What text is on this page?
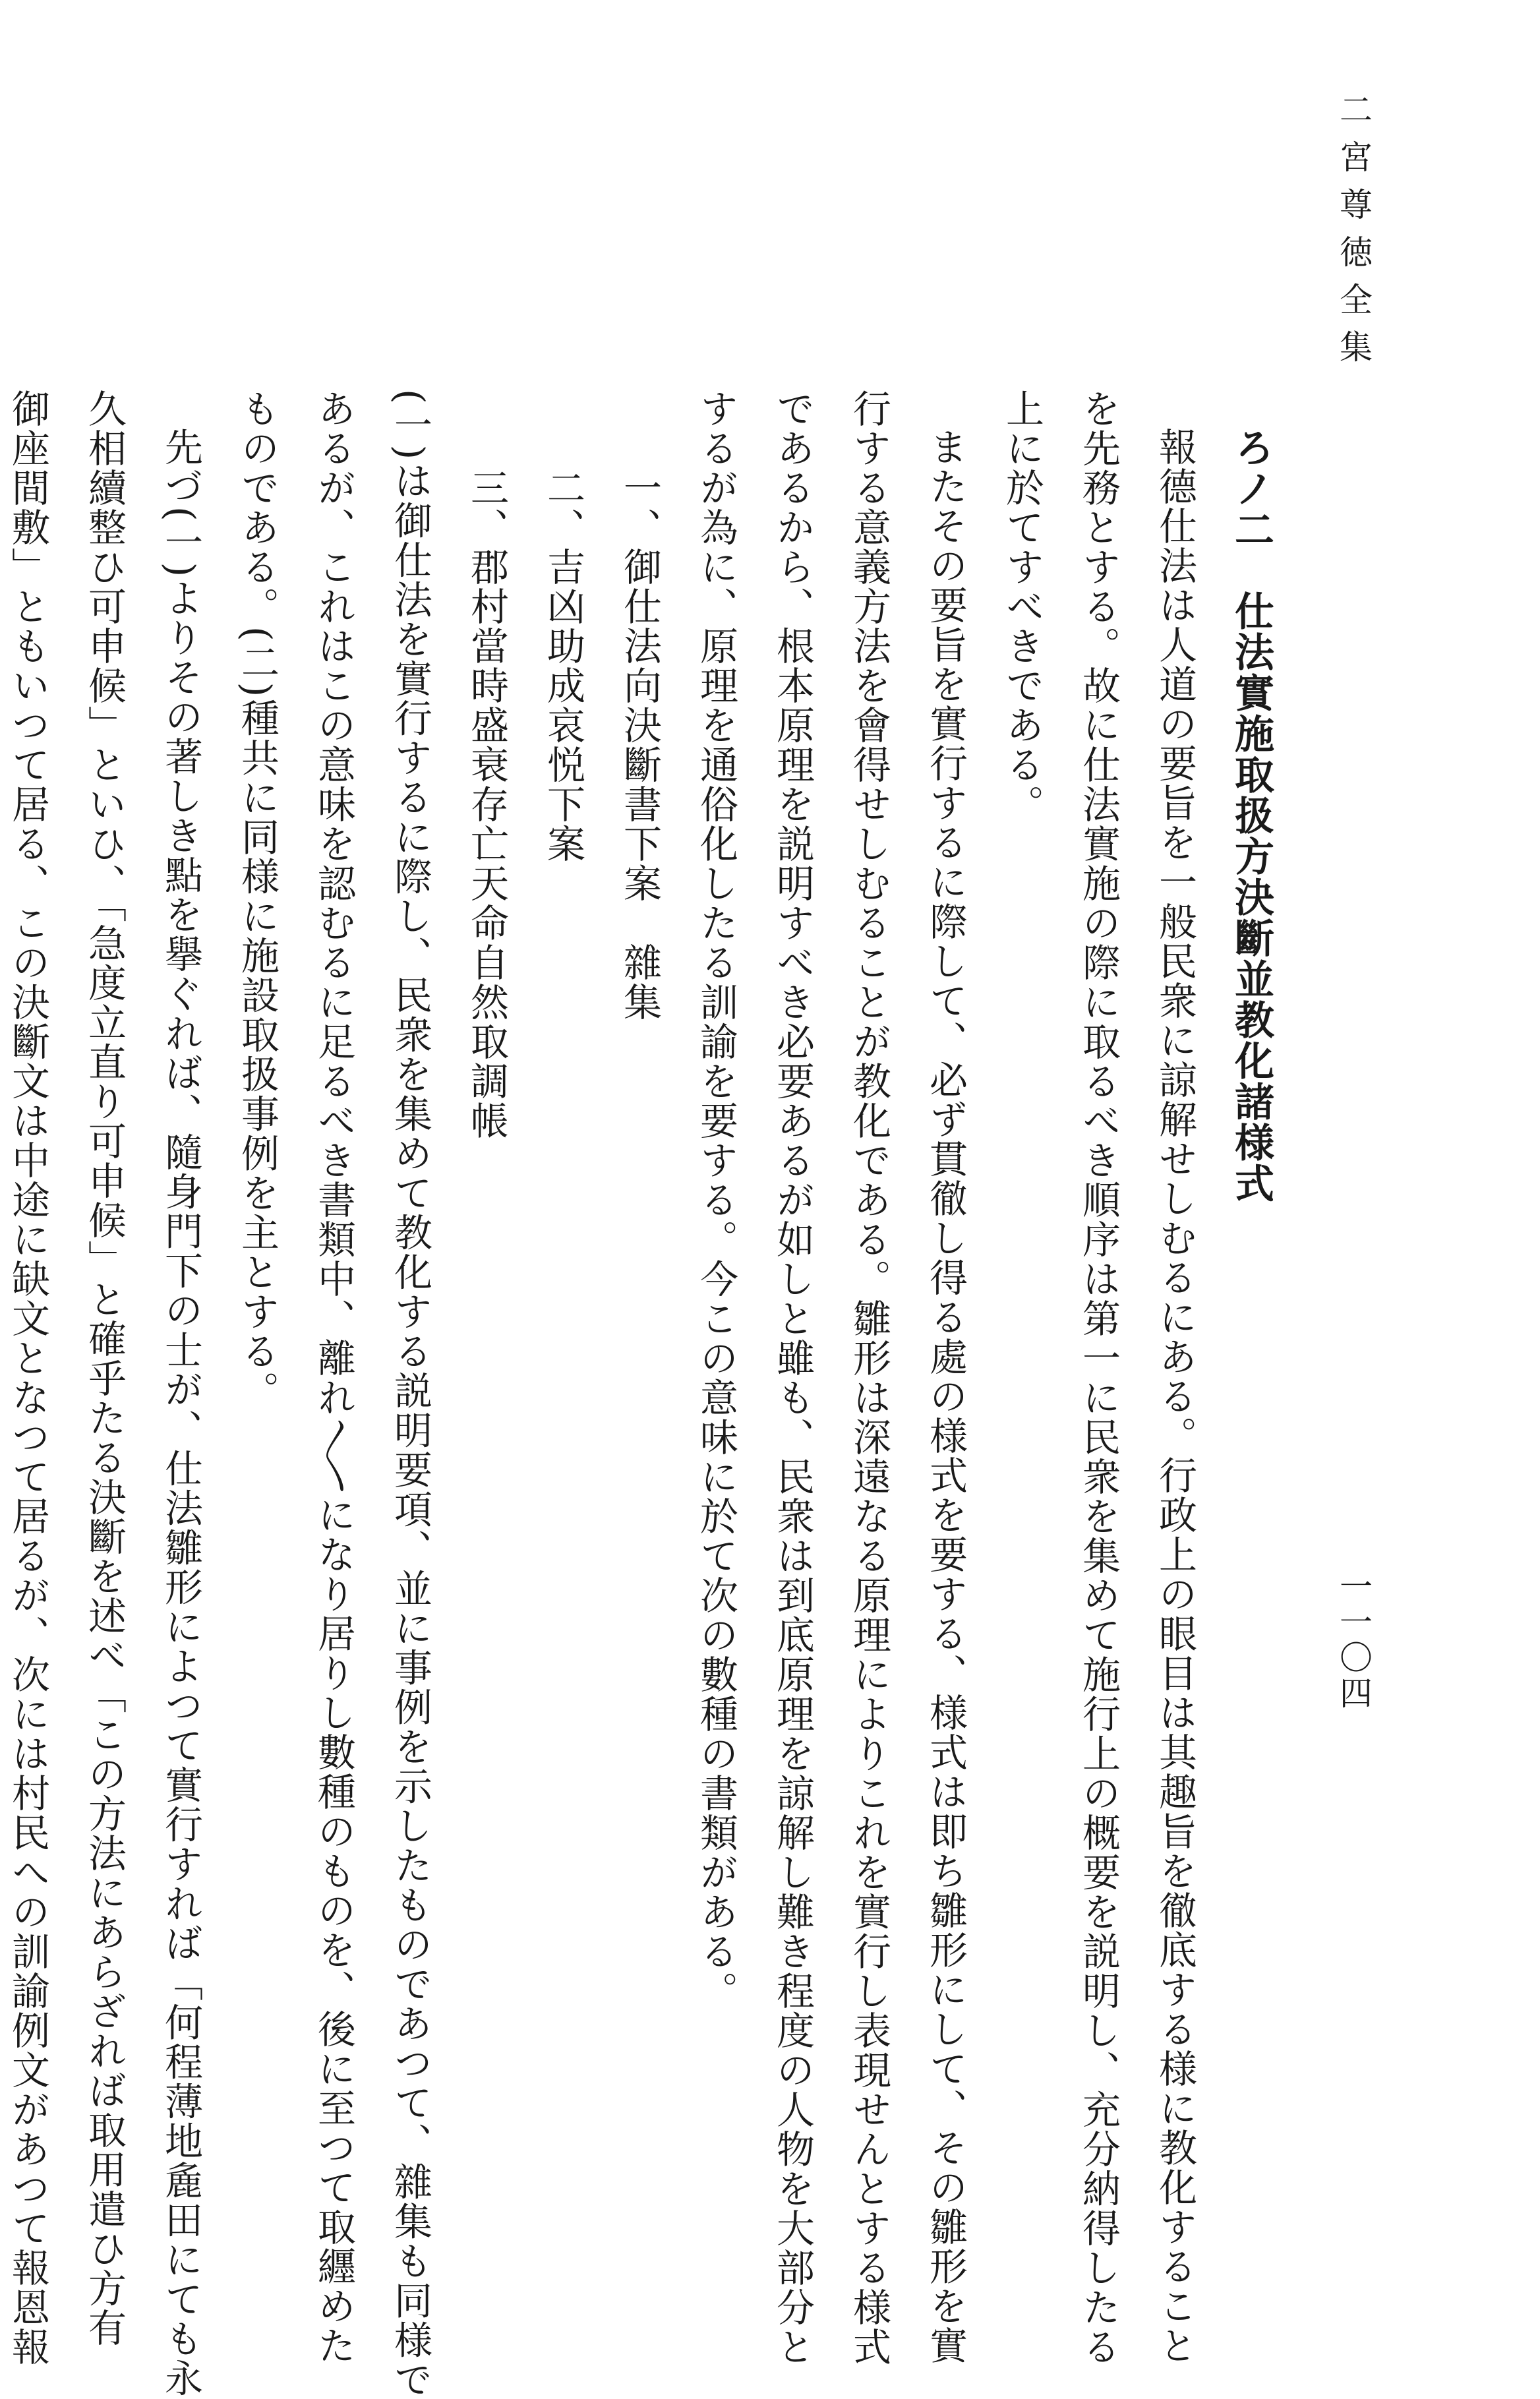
二宮尊徳全集
一一〇四
ろノ二　仕法實施取扱方決斷並教化諸様式
報德仕法は人道の要旨を一般民衆に諒解せしむるにある。行政上の眼目は其趣旨を徹底する様に教化すること
を先務とする。故に仕法實施の際に取るべき順序は第一に民衆を集めて施行上の概要を説明し、充分納得したる
上に於てすべきである。
またその要旨を實行するに際して、必ず貫徹し得る處の様式を要する、様式は即ち雛形にして、その雛形を實
行する意義方法を會得せしむることが教化である。雛形は深遠なる原理によりこれを實行し表現せんとする様式
であるから、根本原理を説明すべき必要あるが如しと雖も、民衆は到底原理を諒解し難き程度の人物を大部分と
するが為に、原理を通俗化したる訓諭を要する。今この意味に於て次の數種の書類がある。
一、御仕法向決斷書下案　雜集
二、吉凶助成哀悦下案
三、郡村當時盛衰存亡天命自然取調帳
(一)は御仕法を實行するに際し、民衆を集めて教化する説明要項、並に事例を示したものであつて、雜集も同様で
あるが、これはこの意味を認むるに足るべき書類中、離れ〳〵になり居りし數種のものを、後に至つて取纒めた
ものである。(二)種共に同様に施設取扱事例を主とする。
先づ(一)よりその著しき點を擧ぐれば、隨身門下の士が、仕法雛形によつて實行すれば「何程薄地麁田にても永
久相續整ひ可申候」といひ、「急度立直り可申候」と確乎たる決斷を述べ「この方法にあらざれば取用遣ひ方有
御座間敷」ともいつて居る、この決斷文は中途に缺文となつて居るが、次には村民への訓諭例文があつて報恩報
